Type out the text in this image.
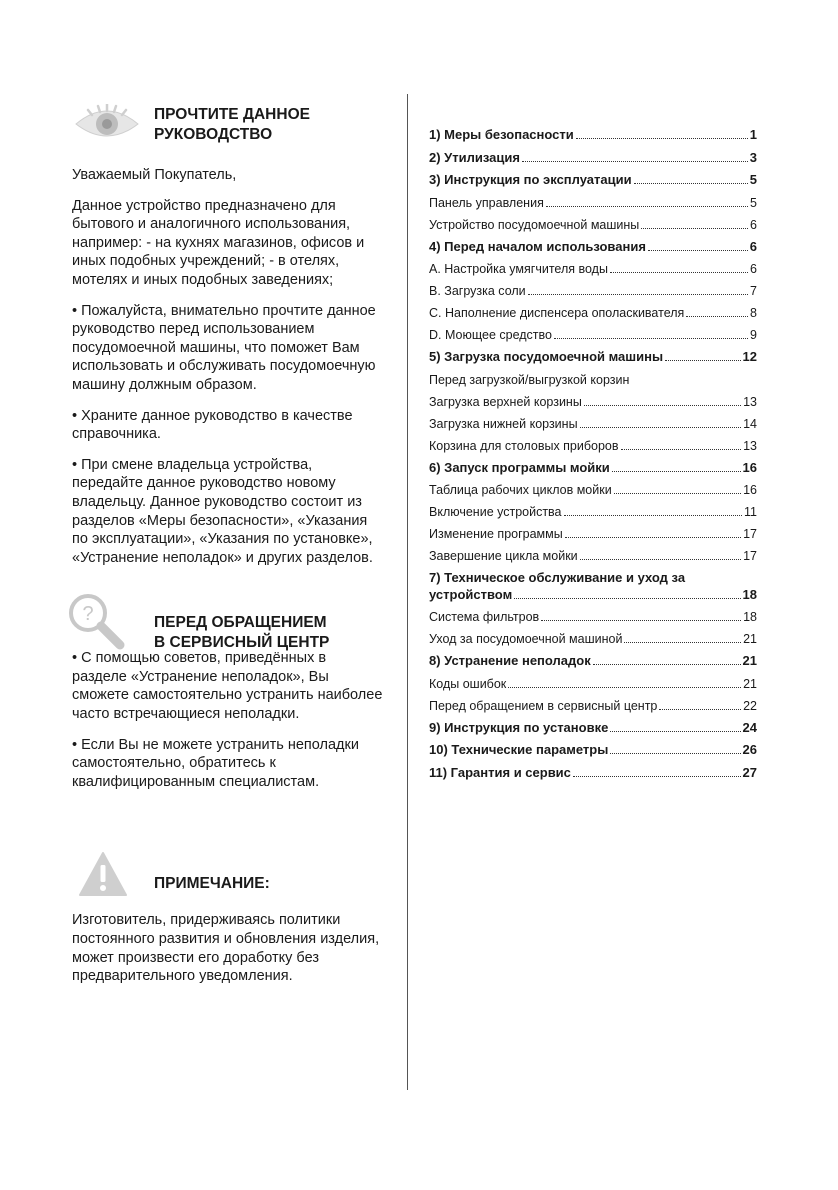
ПРОЧТИТЕ ДАННОЕ
РУКОВОДСТВО

Уважаемый Покупатель,

Данное устройство предназначено для бытового и аналогичного использования, например: - на кухнях магазинов, офисов и иных подобных учреждений; - в отелях, мотелях и иных подобных заведениях;

• Пожалуйста, внимательно прочтите данное руководство перед использованием посудомоечной машины, что поможет Вам использовать и обслуживать посудомоечную машину должным образом.

• Храните данное руководство в качестве справочника.

• При смене владельца устройства, передайте данное руководство новому владельцу. Данное руководство состоит из разделов «Меры безопасности», «Указания по эксплуатации», «Указания по установке», «Устранение неполадок» и других разделов.

?	ПЕРЕД ОБРАЩЕНИЕМ
В СЕРВИСНЫЙ ЦЕНТР

• С помощью советов, приведённых в разделе «Устранение неполадок», Вы сможете самостоятельно устранить наиболее часто встречающиеся неполадки.

• Если Вы не можете устранить неполадки самостоятельно, обратитесь к квалифицированным специалистам.

ПРИМЕЧАНИЕ:

Изготовитель, придерживаясь политики постоянного развития и обновления изделия, может произвести его доработку без предварительного уведомления.

1) Меры безопасности	1
2) Утилизация	3
3) Инструкция по эксплуатации	5
Панель управления	5
Устройство посудомоечной машины	6
4) Перед началом использования	6
A. Настройка умягчителя воды	6
B. Загрузка соли	7
C. Наполнение диспенсера ополаскивателя	8
D. Моющее средство	9
5) Загрузка посудомоечной машины	12
Перед загрузкой/выгрузкой корзин
Загрузка верхней корзины	13
Загрузка нижней корзины	14
Корзина для столовых приборов	13
6) Запуск программы мойки	16
Таблица рабочих циклов мойки	16
Включение устройства	11
Изменение программы	17
Завершение цикла мойки	17
7) Техническое обслуживание и уход за
устройством	18
Система фильтров	18
Уход за посудомоечной машиной	21
8) Устранение неполадок	21
Коды ошибок	21
Перед обращением в сервисный центр	22
9) Инструкция по установке	24
10) Технические параметры	26
11) Гарантия и сервис	27
